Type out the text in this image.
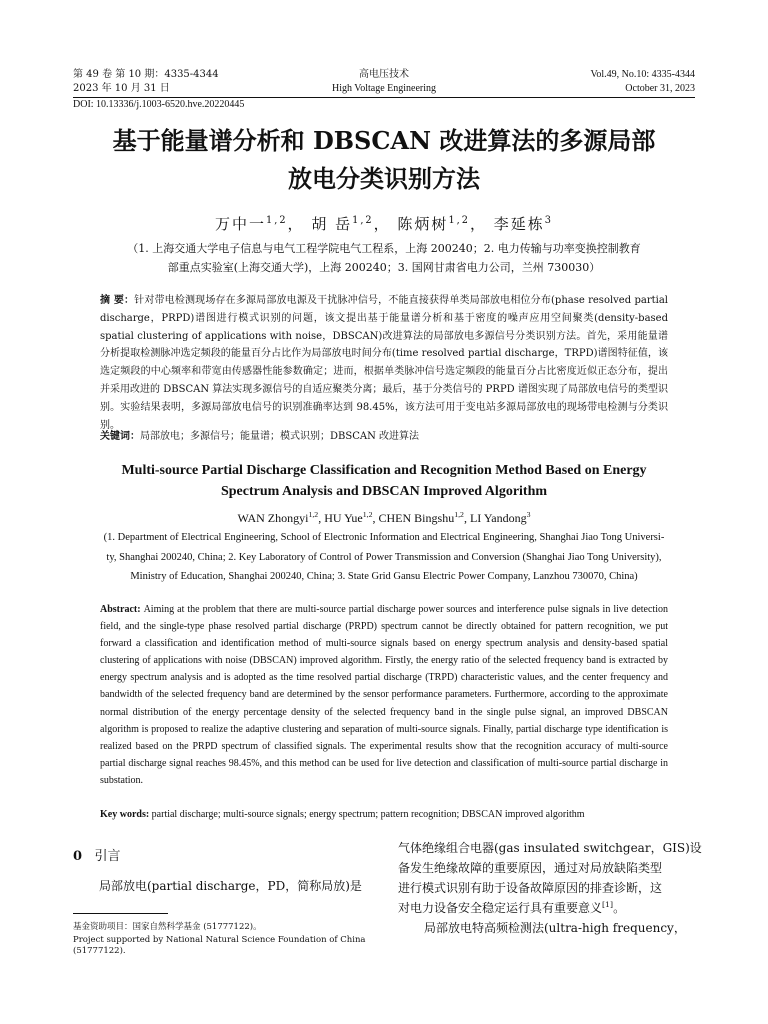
第 49 卷 第 10 期：4335-4344
2023 年 10 月 31 日
高电压技术
High Voltage Engineering
Vol.49, No.10: 4335-4344
October 31, 2023
DOI: 10.13336/j.1003-6520.hve.20220445
基于能量谱分析和 DBSCAN 改进算法的多源局部
放电分类识别方法
万中一$^{1,2}$， 胡 岳$^{1,2}$， 陈炳树$^{1,2}$， 李延栋$^3$
（1. 上海交通大学电子信息与电气工程学院电气工程系，上海 200240；2. 电力传输与功率变换控制教育
部重点实验室(上海交通大学)，上海 200240；3. 国网甘肃省电力公司，兰州 730030）
摘 要：针对带电检测现场存在多源局部放电源及干扰脉冲信号，不能直接获得单类局部放电相位分布(phase resolved partial discharge，PRPD)谱图进行模式识别的问题，该文提出基于能量谱分析和基于密度的噪声应用空间聚类(density-based spatial clustering of applications with noise，DBSCAN)改进算法的局部放电多源信号分类识别方法。首先，采用能量谱分析提取检测脉冲选定频段的能量百分占比作为局部放电时间分布(time resolved partial discharge，TRPD)谱图特征值，该选定频段的中心频率和带宽由传感器性能参数确定；进而，根据单类脉冲信号选定频段的能量百分占比密度近似正态分布，提出并采用改进的 DBSCAN 算法实现多源信号的自适应聚类分离；最后，基于分类信号的 PRPD 谱图实现了局部放电信号的类型识别。实验结果表明，多源局部放电信号的识别准确率达到 98.45%，该方法可用于变电站多源局部放电的现场带电检测与分类识别。
关键词：局部放电；多源信号；能量谱；模式识别；DBSCAN 改进算法
Multi-source Partial Discharge Classification and Recognition Method Based on Energy
Spectrum Analysis and DBSCAN Improved Algorithm
WAN Zhongyi$^{1,2}$, HU Yue$^{1,2}$, CHEN Bingshu$^{1,2}$, LI Yandong$^3$
(1. Department of Electrical Engineering, School of Electronic Information and Electrical Engineering, Shanghai Jiao Tong Universi-
ty, Shanghai 200240, China; 2. Key Laboratory of Control of Power Transmission and Conversion (Shanghai Jiao Tong University),
Ministry of Education, Shanghai 200240, China; 3. State Grid Gansu Electric Power Company, Lanzhou 730070, China)
Abstract: Aiming at the problem that there are multi-source partial discharge power sources and interference pulse signals in live detection field, and the single-type phase resolved partial discharge (PRPD) spectrum cannot be directly obtained for pattern recognition, we put forward a classification and identification method of multi-source signals based on energy spectrum analysis and density-based spatial clustering of applications with noise (DBSCAN) improved algorithm. Firstly, the energy ratio of the selected frequency band is extracted by energy spectrum analysis and is adopted as the time resolved partial discharge (TRPD) characteristic values, and the center frequency and bandwidth of the selected frequency band are determined by the sensor performance parameters. Furthermore, according to the approximate normal distribution of the energy percentage density of the selected frequency band in the single pulse signal, an improved DBSCAN algorithm is proposed to realize the adaptive clustering and separation of multi-source signals. Finally, partial discharge type identification is realized based on the PRPD spectrum of classified signals. The experimental results show that the recognition accuracy of multi-source partial discharge signal reaches 98.45%, and this method can be used for live detection and classification of multi-source partial discharge in substation.
Key words: partial discharge; multi-source signals; energy spectrum; pattern recognition; DBSCAN improved algorithm
0 引言
局部放电(partial discharge，PD，简称局放)是
基金资助项目：国家自然科学基金 (51777122)。
Project supported by National Natural Science Foundation of China
(51777122).
气体绝缘组合电器(gas insulated switchgear，GIS)设
备发生绝缘故障的重要原因，通过对局放缺陷类型
进行模式识别有助于设备故障原因的排查诊断，这
对电力设备安全稳定运行具有重要意义[1]。
局部放电特高频检测法(ultra-high frequency，
